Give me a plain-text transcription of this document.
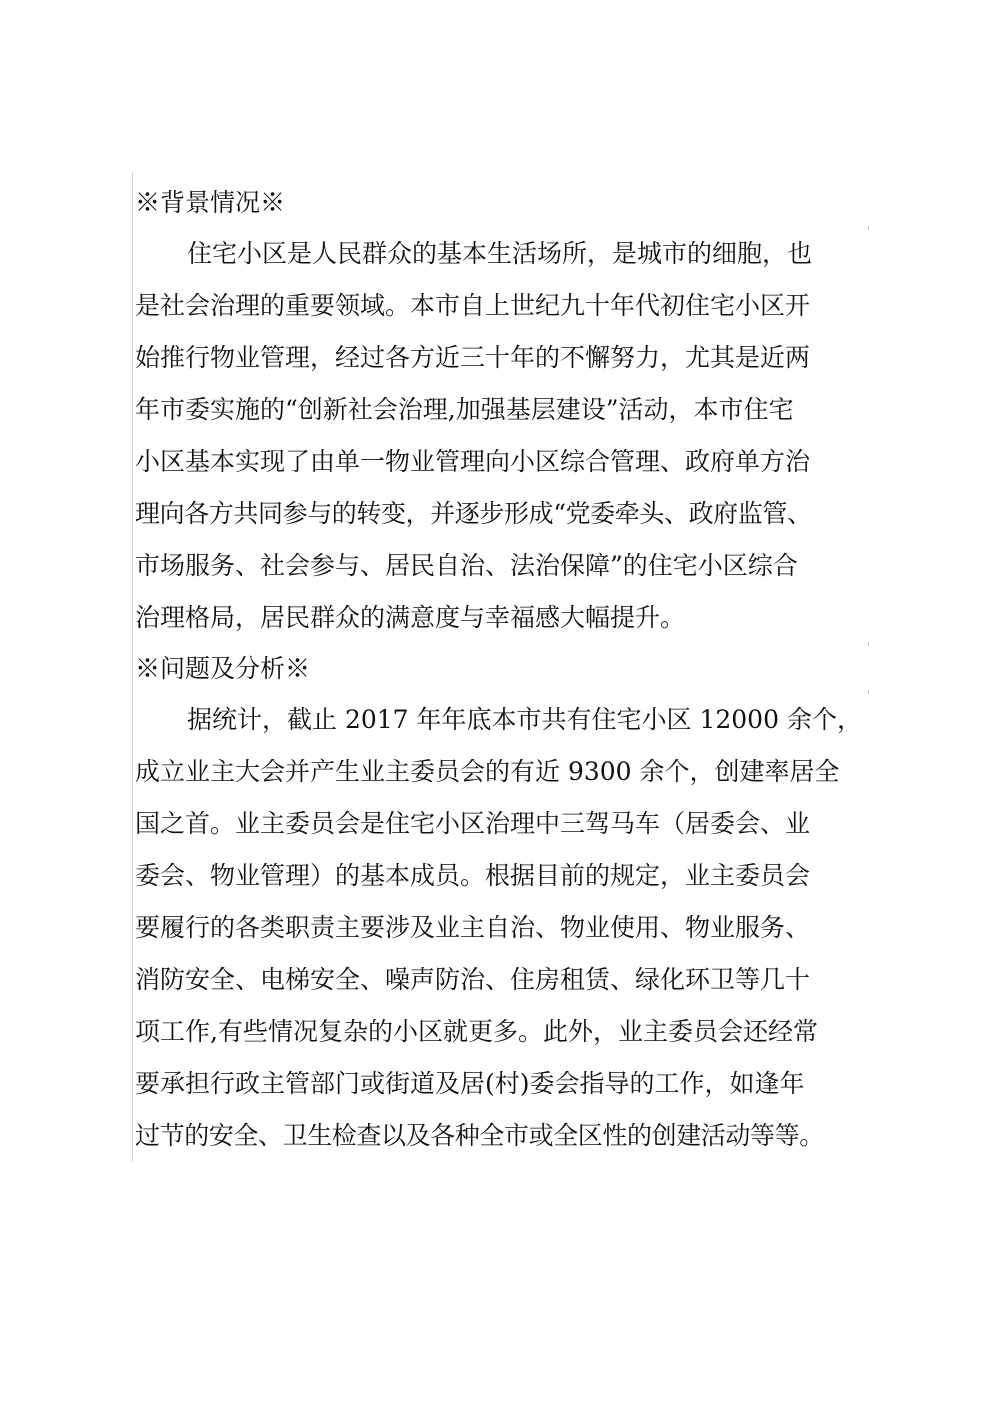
※背景情况※
住宅小区是人民群众的基本生活场所，是城市的细胞，也
是社会治理的重要领域。本市自上世纪九十年代初住宅小区开
始推行物业管理，经过各方近三十年的不懈努力，尤其是近两
年市委实施的“创新社会治理,加强基层建设”活动，本市住宅
小区基本实现了由单一物业管理向小区综合管理、政府单方治
理向各方共同参与的转变，并逐步形成“党委牵头、政府监管、
市场服务、社会参与、居民自治、法治保障”的住宅小区综合
治理格局，居民群众的满意度与幸福感大幅提升。
※问题及分析※
据统计，截止 2017 年年底本市共有住宅小区 12000 余个，
成立业主大会并产生业主委员会的有近 9300 余个，创建率居全
国之首。业主委员会是住宅小区治理中三驾马车（居委会、业
委会、物业管理）的基本成员。根据目前的规定，业主委员会
要履行的各类职责主要涉及业主自治、物业使用、物业服务、
消防安全、电梯安全、噪声防治、住房租赁、绿化环卫等几十
项工作,有些情况复杂的小区就更多。此外，业主委员会还经常
要承担行政主管部门或街道及居(村)委会指导的工作，如逢年
过节的安全、卫生检查以及各种全市或全区性的创建活动等等。
